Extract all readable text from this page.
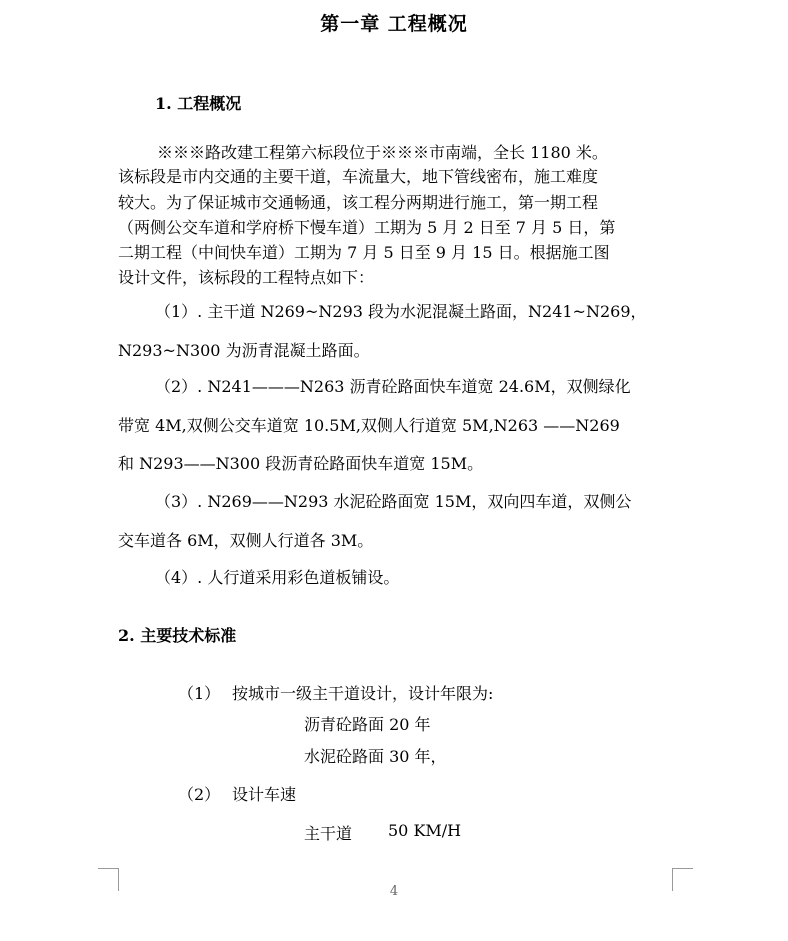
第一章 工程概况
1. 工程概况
※※※路改建工程第六标段位于※※※市南端，全长 1180 米。
该标段是市内交通的主要干道，车流量大，地下管线密布，施工难度
较大。为了保证城市交通畅通，该工程分两期进行施工，第一期工程
（两侧公交车道和学府桥下慢车道）工期为 5 月 2 日至 7 月 5 日，第
二期工程（中间快车道）工期为 7 月 5 日至 9 月 15 日。根据施工图
设计文件，该标段的工程特点如下：
（1）. 主干道 N269~N293 段为水泥混凝土路面，N241~N269，
N293~N300 为沥青混凝土路面。
（2）. N241———N263 沥青砼路面快车道宽 24.6M，双侧绿化
带宽 4M,双侧公交车道宽 10.5M,双侧人行道宽 5M,N263 ——N269
和 N293——N300 段沥青砼路面快车道宽 15M。
（3）. N269——N293 水泥砼路面宽 15M，双向四车道，双侧公
交车道各 6M，双侧人行道各 3M。
（4）. 人行道采用彩色道板铺设。
2. 主要技术标准
（1） 按城市一级主干道设计，设计年限为:
沥青砼路面 20 年
水泥砼路面 30 年，
（2） 设计车速
主干道 50 KM/H
4
